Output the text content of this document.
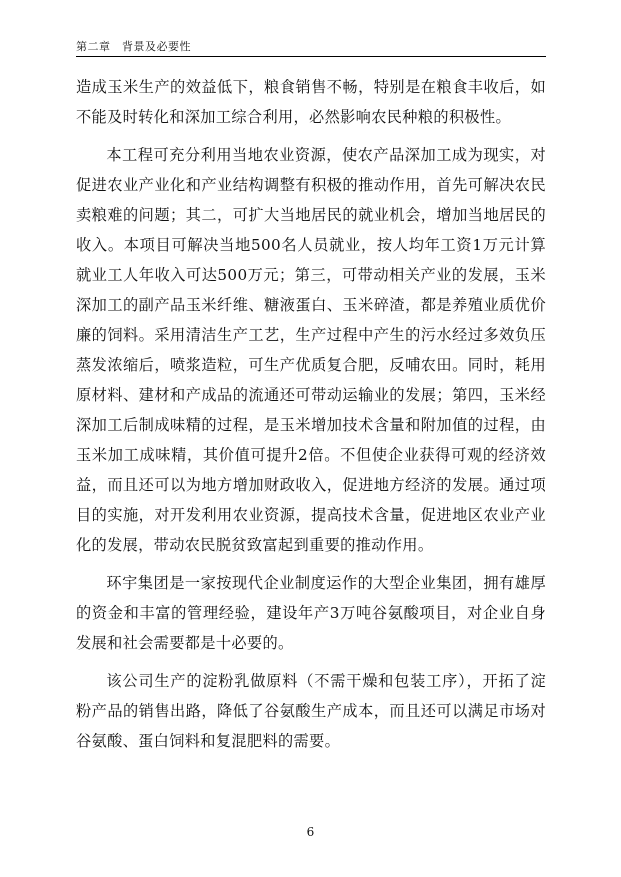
第二章　背景及必要性

造成玉米生产的效益低下，粮食销售不畅，特别是在粮食丰收后，如不能及时转化和深加工综合利用，必然影响农民种粮的积极性。

本工程可充分利用当地农业资源，使农产品深加工成为现实，对促进农业产业化和产业结构调整有积极的推动作用，首先可解决农民卖粮难的问题；其二，可扩大当地居民的就业机会，增加当地居民的收入。本项目可解决当地500名人员就业，按人均年工资1万元计算就业工人年收入可达500万元；第三，可带动相关产业的发展，玉米深加工的副产品玉米纤维、糖液蛋白、玉米碎渣，都是养殖业质优价廉的饲料。采用清洁生产工艺，生产过程中产生的污水经过多效负压蒸发浓缩后，喷浆造粒，可生产优质复合肥，反哺农田。同时，耗用原材料、建材和产成品的流通还可带动运输业的发展；第四，玉米经深加工后制成味精的过程，是玉米增加技术含量和附加值的过程，由玉米加工成味精，其价值可提升2倍。不但使企业获得可观的经济效益，而且还可以为地方增加财政收入，促进地方经济的发展。通过项目的实施，对开发利用农业资源，提高技术含量，促进地区农业产业化的发展，带动农民脱贫致富起到重要的推动作用。

环宇集团是一家按现代企业制度运作的大型企业集团，拥有雄厚的资金和丰富的管理经验，建设年产3万吨谷氨酸项目，对企业自身发展和社会需要都是十必要的。

该公司生产的淀粉乳做原料（不需干燥和包装工序），开拓了淀粉产品的销售出路，降低了谷氨酸生产成本，而且还可以满足市场对谷氨酸、蛋白饲料和复混肥料的需要。

6
